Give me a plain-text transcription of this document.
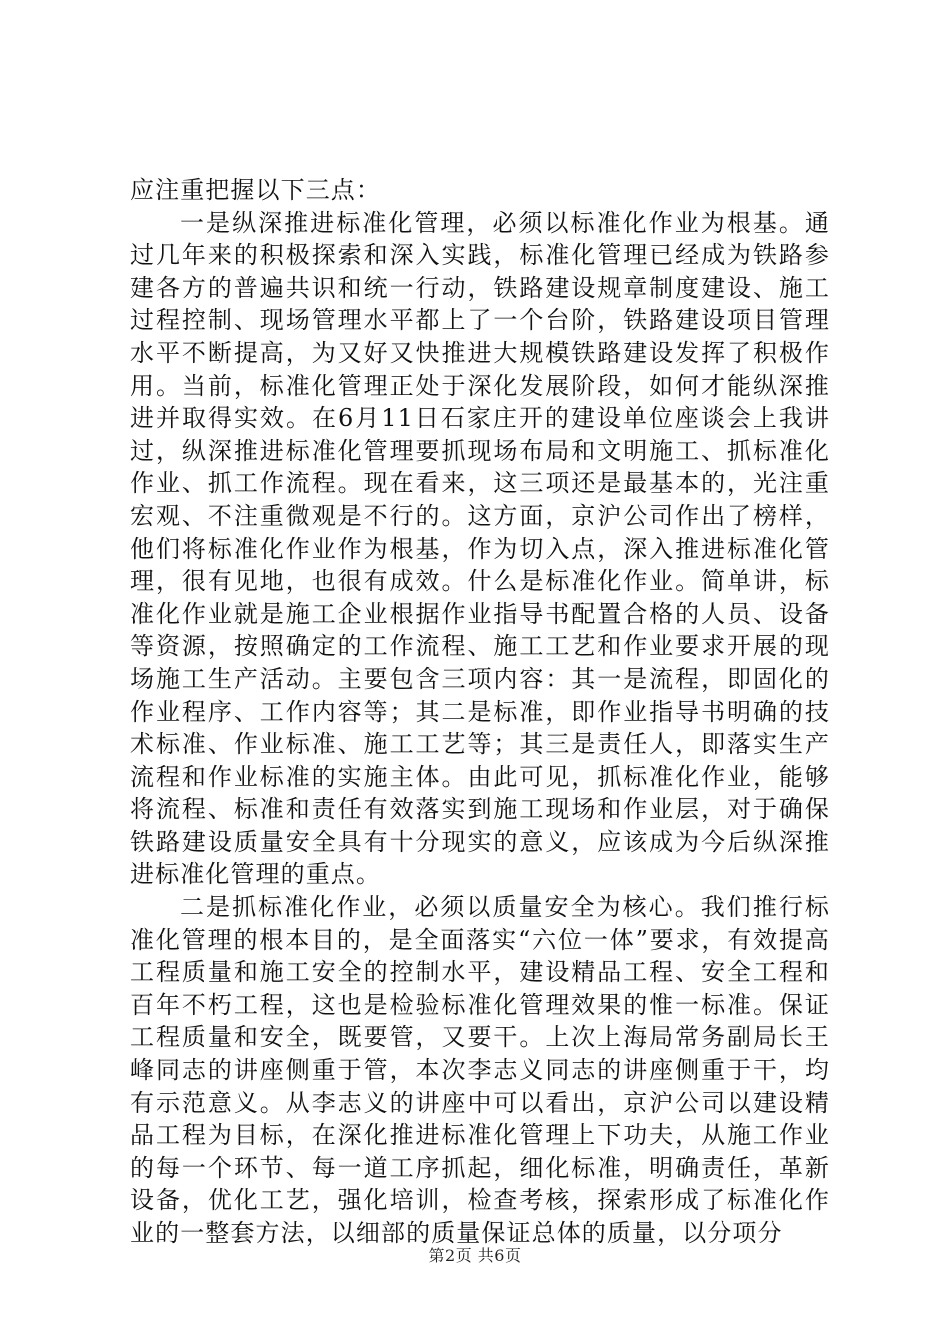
应注重把握以下三点：

一是纵深推进标准化管理，必须以标准化作业为根基。通过几年来的积极探索和深入实践，标准化管理已经成为铁路参建各方的普遍共识和统一行动，铁路建设规章制度建设、施工过程控制、现场管理水平都上了一个台阶，铁路建设项目管理水平不断提高，为又好又快推进大规模铁路建设发挥了积极作用。当前，标准化管理正处于深化发展阶段，如何才能纵深推进并取得实效。在6月11日石家庄开的建设单位座谈会上我讲过，纵深推进标准化管理要抓现场布局和文明施工、抓标准化作业、抓工作流程。现在看来，这三项还是最基本的，光注重宏观、不注重微观是不行的。这方面，京沪公司作出了榜样，他们将标准化作业作为根基，作为切入点，深入推进标准化管理，很有见地，也很有成效。什么是标准化作业。简单讲，标准化作业就是施工企业根据作业指导书配置合格的人员、设备等资源，按照确定的工作流程、施工工艺和作业要求开展的现场施工生产活动。主要包含三项内容：其一是流程，即固化的作业程序、工作内容等；其二是标准，即作业指导书明确的技术标准、作业标准、施工工艺等；其三是责任人，即落实生产流程和作业标准的实施主体。由此可见，抓标准化作业，能够将流程、标准和责任有效落实到施工现场和作业层，对于确保铁路建设质量安全具有十分现实的意义，应该成为今后纵深推进标准化管理的重点。

二是抓标准化作业，必须以质量安全为核心。我们推行标准化管理的根本目的，是全面落实“六位一体”要求，有效提高工程质量和施工安全的控制水平，建设精品工程、安全工程和百年不朽工程，这也是检验标准化管理效果的惟一标准。保证工程质量和安全，既要管，又要干。上次上海局常务副局长王峰同志的讲座侧重于管，本次李志义同志的讲座侧重于干，均有示范意义。从李志义的讲座中可以看出，京沪公司以建设精品工程为目标，在深化推进标准化管理上下功夫，从施工作业的每一个环节、每一道工序抓起，细化标准，明确责任，革新设备，优化工艺，强化培训，检查考核，探索形成了标准化作业的一整套方法，以细部的质量保证总体的质量，以分项分

第2页 共6页
